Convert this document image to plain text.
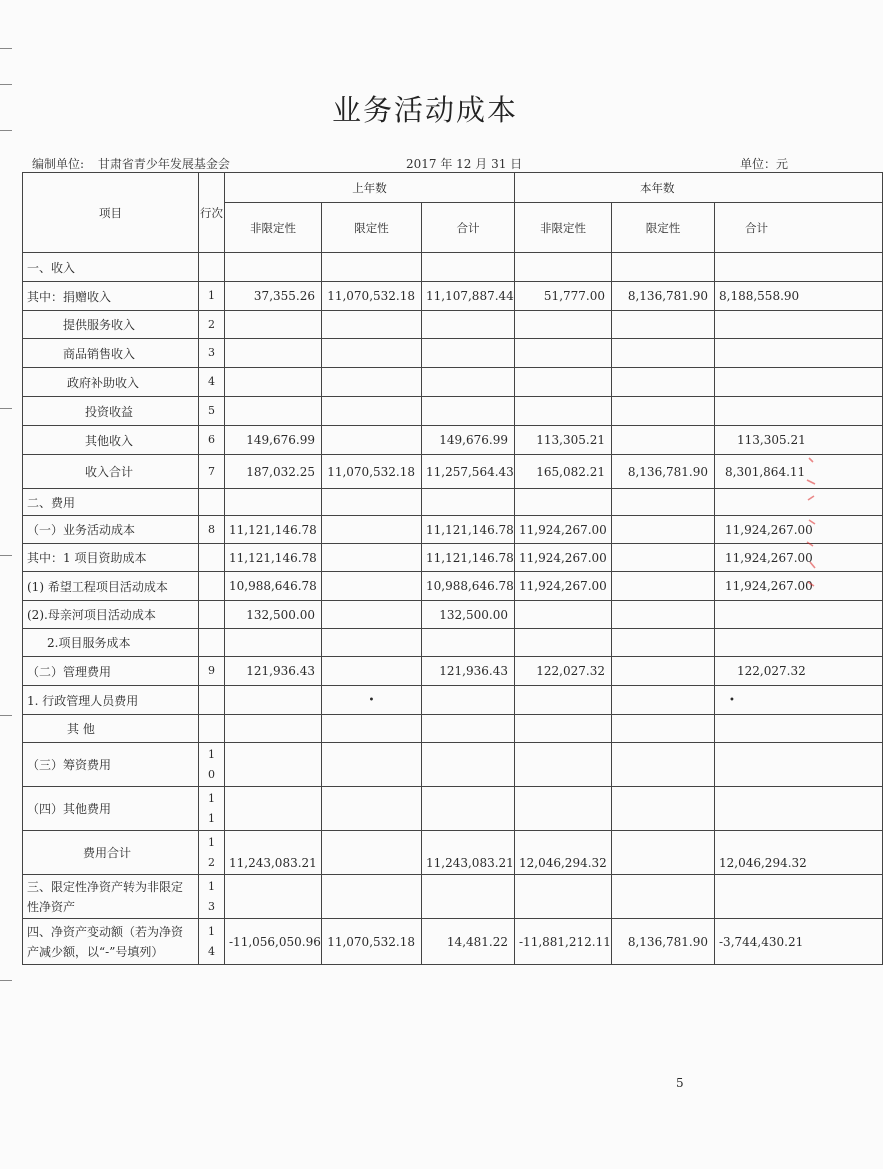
业务活动成本
编制单位: 甘肃省青少年发展基金会	2017 年 12 月 31 日	单位：元
项目	行次	上年数			本年数		
		非限定性	限定性	合计	非限定性	限定性	合计
一、收入							
其中：捐赠收入	1	37,355.26	11,070,532.18	11,107,887.44	51,777.00	8,136,781.90	8,188,558.90
提供服务收入	2						
商品销售收入	3						
政府补助收入	4						
投资收益	5						
其他收入	6	149,676.99		149,676.99	113,305.21		113,305.21
收入合计	7	187,032.25	11,070,532.18	11,257,564.43	165,082.21	8,136,781.90	8,301,864.11
二、费用							
（一）业务活动成本	8	11,121,146.78		11,121,146.78	11,924,267.00		11,924,267.00
其中：1 项目资助成本		11,121,146.78		11,121,146.78	11,924,267.00		11,924,267.00
(1) 希望工程项目活动成本		10,988,646.78		10,988,646.78	11,924,267.00		11,924,267.00
(2).母亲河项目活动成本		132,500.00		132,500.00			
2.项目服务成本							
（二）管理费用	9	121,936.43		121,936.43	122,027.32		122,027.32
1. 行政管理人员费用			•				•
其 他							
（三）筹资费用	10						
（四）其他费用	11						
费用合计	12	11,243,083.21		11,243,083.21	12,046,294.32		12,046,294.32
三、限定性净资产转为非限定性净资产	13						
四、净资产变动额（若为净资产减少额，以“-”号填列）	14	-11,056,050.96	11,070,532.18	14,481.22	-11,881,212.11	8,136,781.90	-3,744,430.21
5
